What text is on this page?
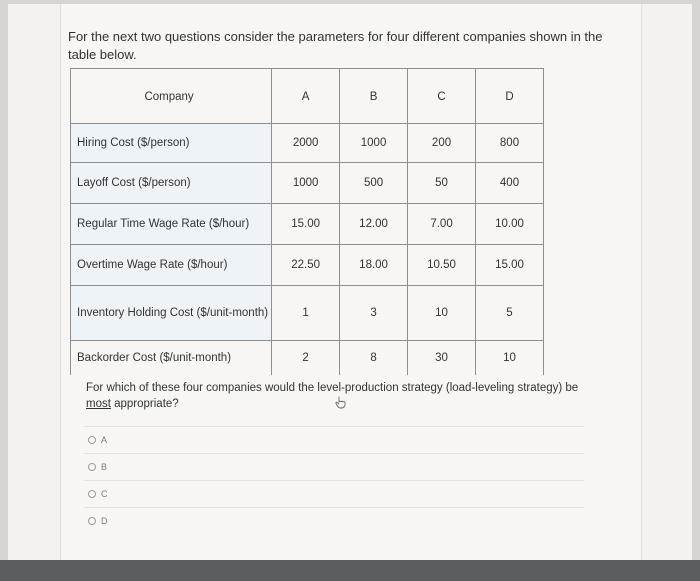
For the next two questions consider the parameters for four different companies shown in the table below.
Company	A	B	C	D
Hiring Cost ($/person)	2000	1000	200	800
Layoff Cost ($/person)	1000	500	50	400
Regular Time Wage Rate ($/hour)	15.00	12.00	7.00	10.00
Overtime Wage Rate ($/hour)	22.50	18.00	10.50	15.00
Inventory Holding Cost ($/unit-month)	1	3	10	5
Backorder Cost ($/unit-month)	2	8	30	10
For which of these four companies would the level-production strategy (load-leveling strategy) be most appropriate?
A
B
C
D
